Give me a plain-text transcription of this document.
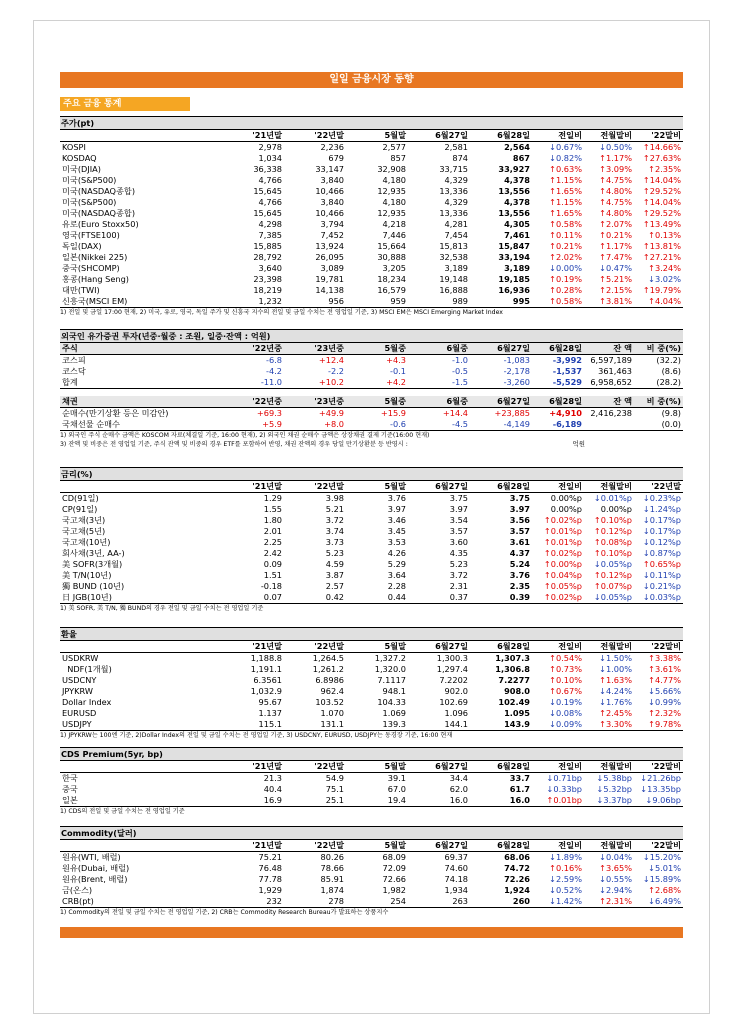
일일 금융시장 동향
주요 금융 통계
주가(pt)
	'21년말	'22년말	5월말	6월27일	6월28일	전일비	전월말비	'22말비
KOSPI	2,978	2,236	2,577	2,581	2,564	↓0.67%	↓0.50%	↑14.66%
KOSDAQ	1,034	679	857	874	867	↓0.82%	↑1.17%	↑27.63%
미국(DJIA)	36,338	33,147	32,908	33,715	33,927	↑0.63%	↑3.09%	↑2.35%
미국(S&P500)	4,766	3,840	4,180	4,329	4,378	↑1.15%	↑4.75%	↑14.04%
미국(NASDAQ종합)	15,645	10,466	12,935	13,336	13,556	↑1.65%	↑4.80%	↑29.52%
미국(S&P500)	4,766	3,840	4,180	4,329	4,378	↑1.15%	↑4.75%	↑14.04%
미국(NASDAQ종합)	15,645	10,466	12,935	13,336	13,556	↑1.65%	↑4.80%	↑29.52%
유로(Euro Stoxx50)	4,298	3,794	4,218	4,281	4,305	↑0.58%	↑2.07%	↑13.49%
영국(FTSE100)	7,385	7,452	7,446	7,454	7,461	↑0.11%	↑0.21%	↑0.13%
독일(DAX)	15,885	13,924	15,664	15,813	15,847	↑0.21%	↑1.17%	↑13.81%
일본(Nikkei 225)	28,792	26,095	30,888	32,538	33,194	↑2.02%	↑7.47%	↑27.21%
중국(SHCOMP)	3,640	3,089	3,205	3,189	3,189	↓0.00%	↓0.47%	↑3.24%
홍콩(Hang Seng)	23,398	19,781	18,234	19,148	19,185	↑0.19%	↑5.21%	↓3.02%
대만(TWI)	18,219	14,138	16,579	16,888	16,936	↑0.28%	↑2.15%	↑19.79%
신흥국(MSCI EM)	1,232	956	959	989	995	↑0.58%	↑3.81%	↑4.04%
1) 전일 및 금일 17:00 현재, 2) 미국, 유로, 영국, 독일 주가 및 신흥국 지수의 전일 및 금일 수치는 전 영업일 기준, 3) MSCI EM은 MSCI Emerging Market Index
외국인 유가증권 투자(년중·월중 : 조원, 일중·잔액 : 억원)
주식	'22년중	'23년중	5월중	6월중	6월27일	6월28일	잔 액	비 중(%)
코스피	-6.8	+12.4	+4.3	-1.0	-1,083	-3,992	6,597,189	(32.2)
코스닥	-4.2	-2.2	-0.1	-0.5	-2,178	-1,537	361,463	(8.6)
합계	-11.0	+10.2	+4.2	-1.5	-3,260	-5,529	6,958,652	(28.2)
채권	'22년중	'23년중	5월중	6월중	6월27일	6월28일	잔 액	비 중(%)
순매수(만기상환 등은 미감안)	+69.3	+49.9	+15.9	+14.4	+23,885	+4,910	2,416,238	(9.8)
국채선물 순매수	+5.9	+8.0	-0.6	-4.5	-4,149	-6,189		(0.0)
1) 외국인 주식 순매수 금액은 KOSCOM 자료(체결일 기준, 16:00 현재), 2) 외국인 채권 순매수 금액은 상장채권 결제 기준(16:00 현재)
3) 잔액 및 비중은 전 영업일 기준, 주식 잔액 및 비중의 경우 ETF를 포함하여 반영, 채권 잔액의 경우 당일 만기상환분 등 반영시 :	억원
금리(%)
	'21년말	'22년말	5월말	6월27일	6월28일	전일비	전월말비	'22년말
CD(91일)	1.29	3.98	3.76	3.75	3.75	0.00%p	↓0.01%p	↓0.23%p
CP(91일)	1.55	5.21	3.97	3.97	3.97	0.00%p	0.00%p	↓1.24%p
국고채(3년)	1.80	3.72	3.46	3.54	3.56	↑0.02%p	↑0.10%p	↓0.17%p
국고채(5년)	2.01	3.74	3.45	3.57	3.57	↑0.01%p	↑0.12%p	↓0.17%p
국고채(10년)	2.25	3.73	3.53	3.60	3.61	↑0.01%p	↑0.08%p	↓0.12%p
회사채(3년, AA-)	2.42	5.23	4.26	4.35	4.37	↑0.02%p	↑0.10%p	↓0.87%p
美 SOFR(3개월)	0.09	4.59	5.29	5.23	5.24	↑0.00%p	↓0.05%p	↑0.65%p
美 T/N(10년)	1.51	3.87	3.64	3.72	3.76	↑0.04%p	↑0.12%p	↓0.11%p
獨 BUND (10년)	-0.18	2.57	2.28	2.31	2.35	↑0.05%p	↑0.07%p	↓0.21%p
日 JGB(10년)	0.07	0.42	0.44	0.37	0.39	↑0.02%p	↓0.05%p	↓0.03%p
1) 美 SOFR, 美 T/N, 獨 BUND의 경우 전일 및 금일 수치는 전 영업일 기준
환율
	'21년말	'22년말	5월말	6월27일	6월28일	전일비	전월말비	'22말비
USDKRW	1,188.8	1,264.5	1,327.2	1,300.3	1,307.3	↑0.54%	↓1.50%	↑3.38%
NDF(1개월)	1,191.1	1,261.2	1,320.0	1,297.4	1,306.8	↑0.73%	↓1.00%	↑3.61%
USDCNY	6.3561	6.8986	7.1117	7.2202	7.2277	↑0.10%	↑1.63%	↑4.77%
JPYKRW	1,032.9	962.4	948.1	902.0	908.0	↑0.67%	↓4.24%	↓5.66%
Dollar Index	95.67	103.52	104.33	102.69	102.49	↓0.19%	↓1.76%	↓0.99%
EURUSD	1.137	1.070	1.069	1.096	1.095	↓0.08%	↑2.45%	↑2.32%
USDJPY	115.1	131.1	139.3	144.1	143.9	↓0.09%	↑3.30%	↑9.78%
1) JPYKRW는 100엔 기준, 2)Dollar Index의 전일 및 금일 수치는 전 영업일 기준, 3) USDCNY, EURUSD, USDJPY는 동경장 기준, 16:00 현재
CDS Premium(5yr, bp)
	'21년말	'22년말	5월말	6월27일	6월28일	전일비	전월말비	'22말비
한국	21.3	54.9	39.1	34.4	33.7	↓0.71bp	↓5.38bp	↓21.26bp
중국	40.4	75.1	67.0	62.0	61.7	↓0.33bp	↓5.32bp	↓13.35bp
일본	16.9	25.1	19.4	16.0	16.0	↑0.01bp	↓3.37bp	↓9.06bp
1) CDS의 전일 및 금일 수치는 전 영업일 기준
Commodity(달러)
	'21년말	'22년말	5월말	6월27일	6월28일	전일비	전월말비	'22말비
원유(WTI, 배럴)	75.21	80.26	68.09	69.37	68.06	↓1.89%	↓0.04%	↓15.20%
원유(Dubai, 배럴)	76.48	78.66	72.09	74.60	74.72	↑0.16%	↑3.65%	↓5.01%
원유(Brent, 배럴)	77.78	85.91	72.66	74.18	72.26	↓2.59%	↓0.55%	↓15.89%
금(온스)	1,929	1,874	1,982	1,934	1,924	↓0.52%	↓2.94%	↑2.68%
CRB(pt)	232	278	254	263	260	↓1.42%	↑2.31%	↓6.49%
1) Commodity의 전일 및 금일 수치는 전 영업일 기준, 2) CRB는 Commodity Research Bureau가 발표하는 상품지수
